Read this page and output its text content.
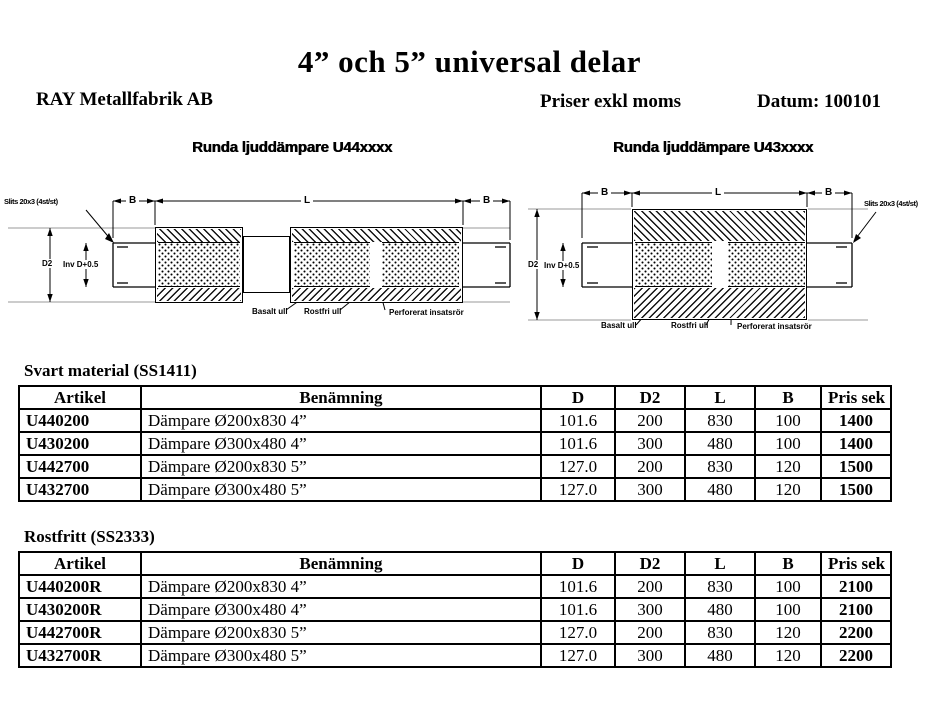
4” och 5” universal delar
RAY Metallfabrik AB	Priser exkl moms	Datum: 100101
Runda ljuddämpare U44xxxx	Runda ljuddämpare U43xxxx
Slits 20x3 (4st/st)	B	L	B
D2 Inv D+0.5
Basalt ull Rostfri ull	Perforerat insatsrör
Slits 20x3 (4st/st)
B	L	B
D2 Inv D+0.5
Basalt ull	Rostfri ull	Perforerat insatsrör
Svart material (SS1411)
Artikel	Benämning	D	D2	L	B	Pris sek
U440200	Dämpare Ø200x830 4”	101.6	200	830	100	1400
U430200	Dämpare Ø300x480 4”	101.6	300	480	100	1400
U442700	Dämpare Ø200x830 5”	127.0	200	830	120	1500
U432700	Dämpare Ø300x480 5”	127.0	300	480	120	1500
Rostfritt (SS2333)
Artikel	Benämning	D	D2	L	B	Pris sek
U440200R	Dämpare Ø200x830 4”	101.6	200	830	100	2100
U430200R	Dämpare Ø300x480 4”	101.6	300	480	100	2100
U442700R	Dämpare Ø200x830 5”	127.0	200	830	120	2200
U432700R	Dämpare Ø300x480 5”	127.0	300	480	120	2200
